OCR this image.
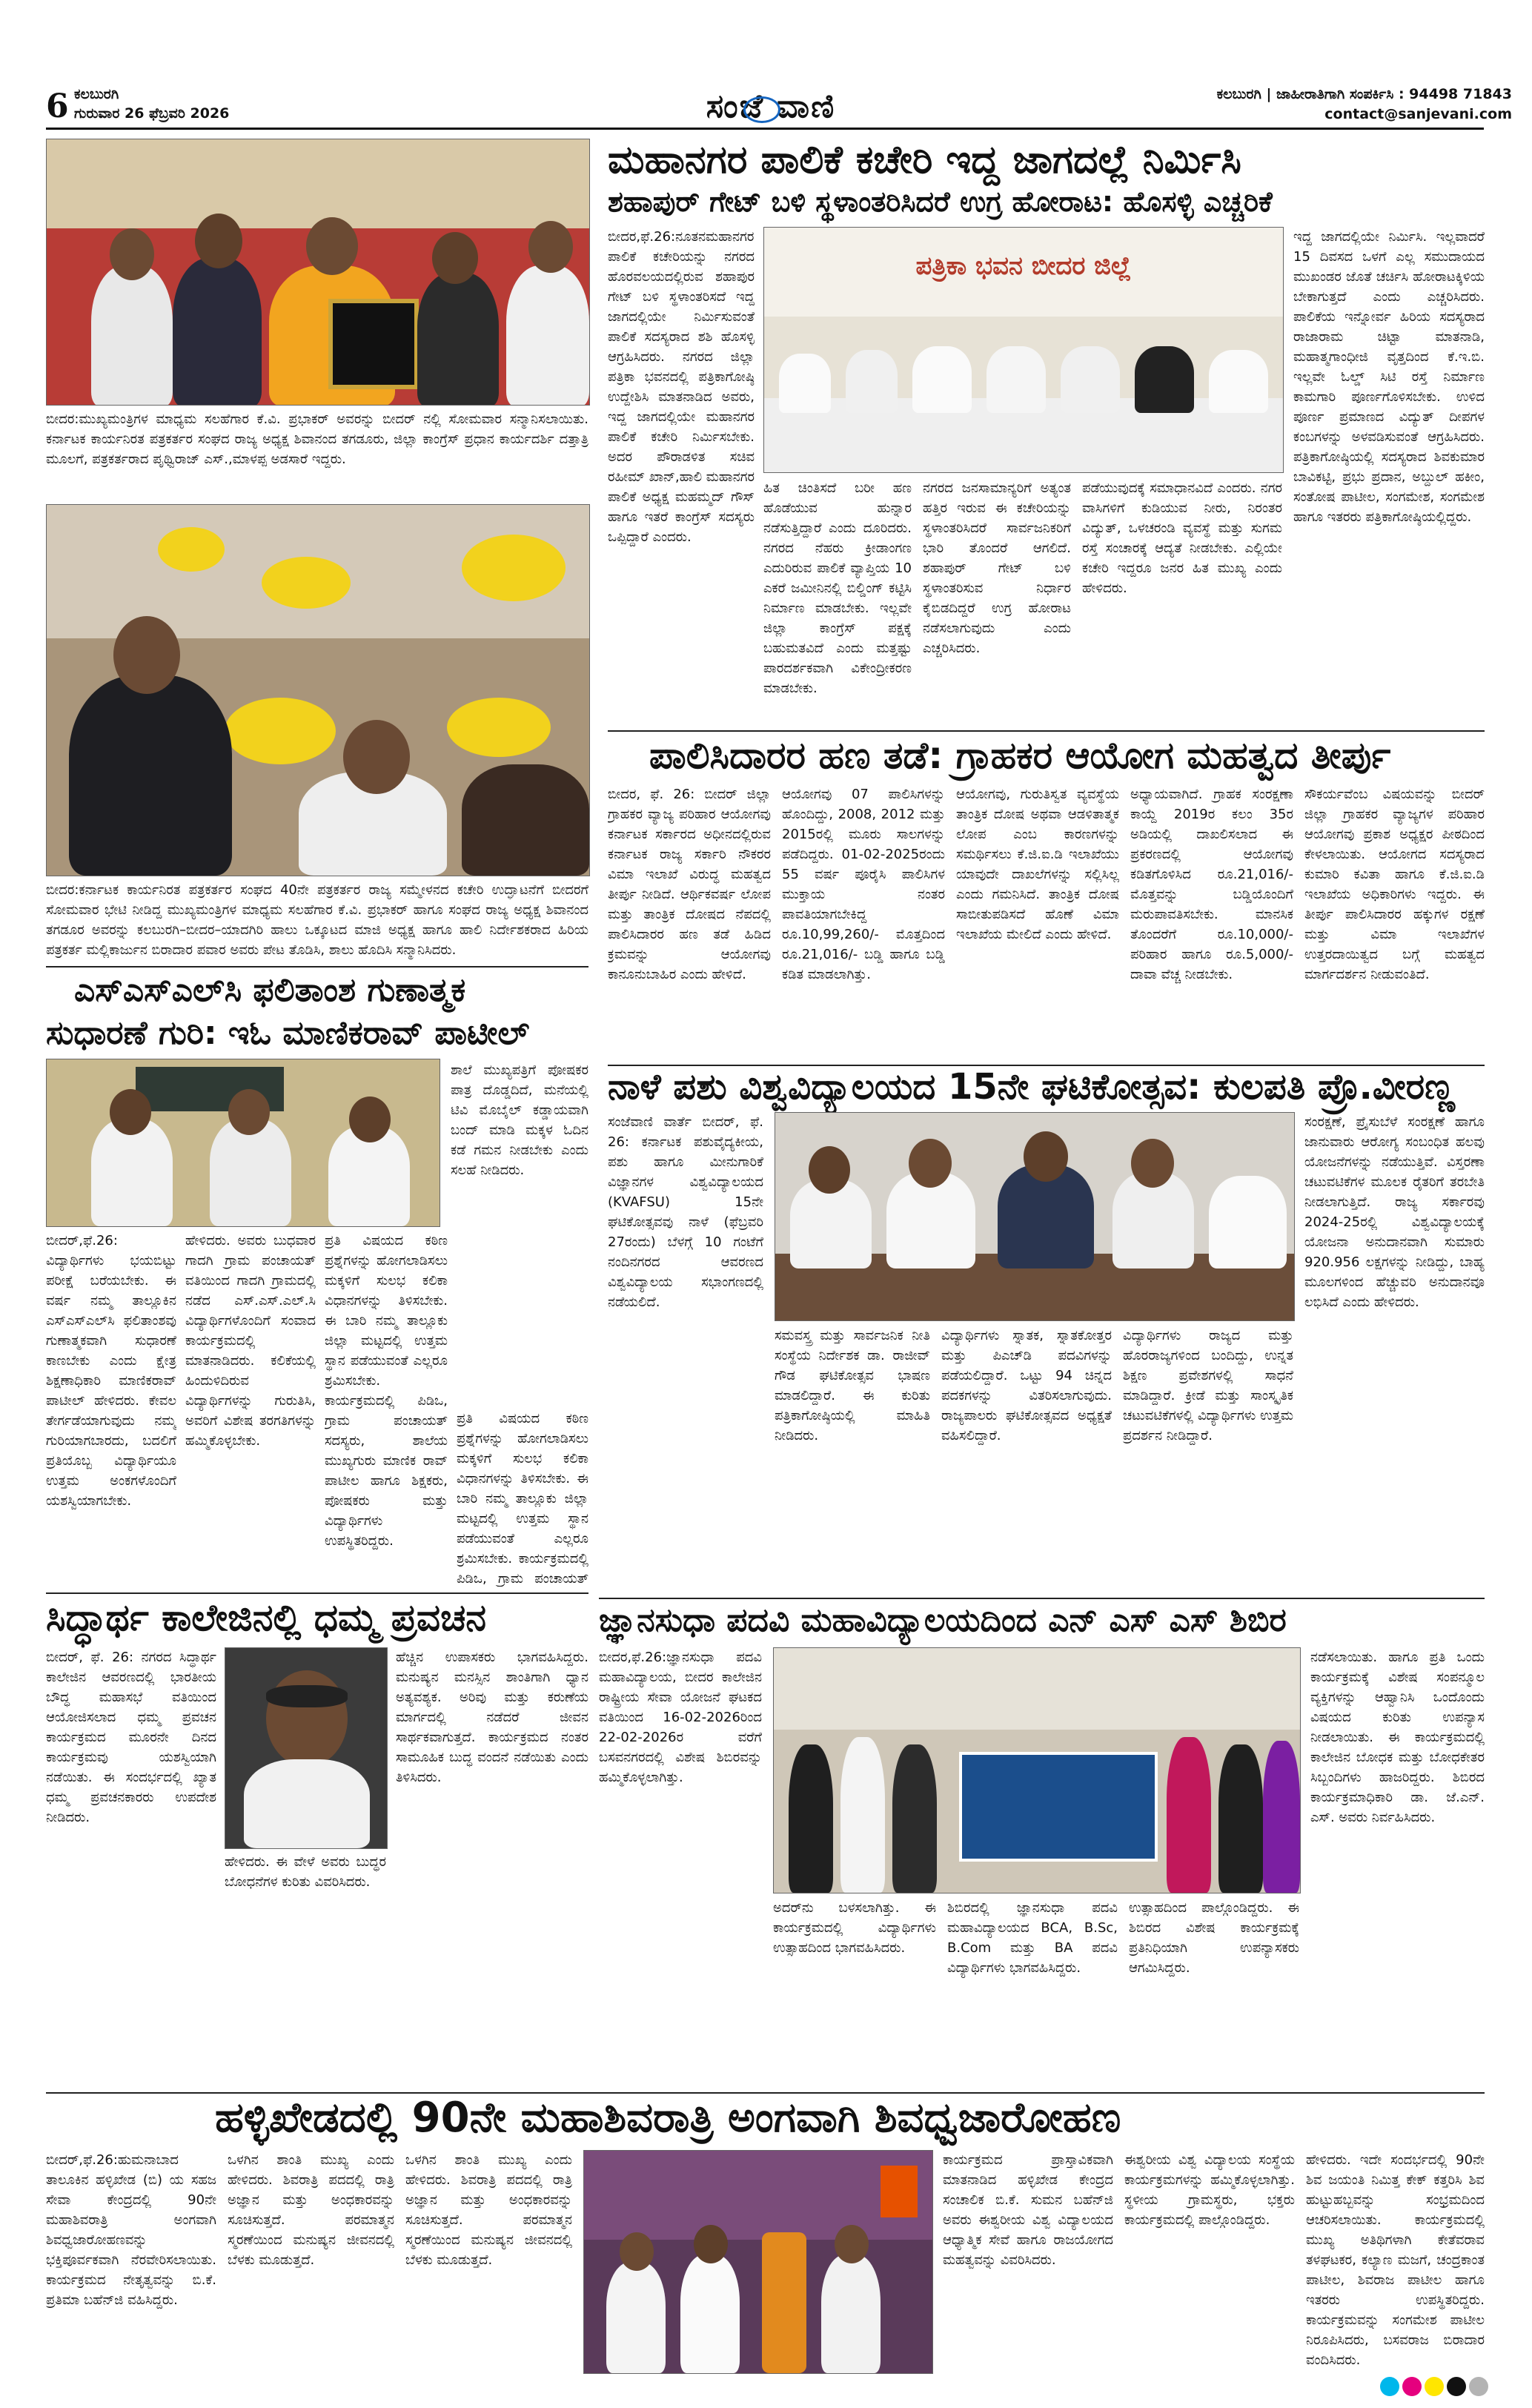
6 ಕಲಬುರಗಿ
ಗುರುವಾರ 26 ಫೆಬ್ರವರಿ 2026	ಸಂಜೆ ವಾಣಿ	ಕಲಬುರಗಿ | ಜಾಹೀರಾತಿಗಾಗಿ ಸಂಪರ್ಕಿಸಿ : 94498 71843
contact@sanjevani.com
ಬೀದರ:ಮುಖ್ಯಮಂತ್ರಿಗಳ ಮಾಧ್ಯಮ ಸಲಹೆಗಾರ ಕೆ.ವಿ. ಪ್ರಭಾಕರ್ ಅವರನ್ನು ಬೀದರ್ ನಲ್ಲಿ ಸೋಮವಾರ ಸನ್ಮಾನಿಸಲಾಯಿತು. ಕರ್ನಾಟಕ ಕಾರ್ಯನಿರತ ಪತ್ರಕರ್ತರ ಸಂಘದ ರಾಜ್ಯ ಅಧ್ಯಕ್ಷ ಶಿವಾನಂದ ತಗಡೂರು, ಜಿಲ್ಲಾ ಕಾಂಗ್ರೆಸ್ ಪ್ರಧಾನ ಕಾರ್ಯದರ್ಶಿ ದತ್ತಾತ್ರಿ ಮೂಲಗೆ, ಪತ್ರಕರ್ತರಾದ ಪೃಥ್ವಿರಾಜ್ ಎಸ್.,ಮಾಳಪ್ಪ ಅಡಸಾರೆ ಇದ್ದರು.
ಬೀದರ:ಕರ್ನಾಟಕ ಕಾರ್ಯನಿರತ ಪತ್ರಕರ್ತರ ಸಂಘದ 40ನೇ ಪತ್ರಕರ್ತರ ರಾಜ್ಯ ಸಮ್ಮೇಳನದ ಕಚೇರಿ ಉದ್ಘಾಟನೆಗೆ ಬೀದರಗೆ ಸೋಮವಾರ ಭೇಟಿ ನೀಡಿದ್ದ ಮುಖ್ಯಮಂತ್ರಿಗಳ ಮಾಧ್ಯಮ ಸಲಹೆಗಾರ ಕೆ.ವಿ. ಪ್ರಭಾಕರ್ ಹಾಗೂ ಸಂಘದ ರಾಜ್ಯ ಅಧ್ಯಕ್ಷ ಶಿವಾನಂದ ತಗಡೂರ ಅವರನ್ನು ಕಲಬುರಗಿ–ಬೀದರ–ಯಾದಗಿರಿ ಹಾಲು ಒಕ್ಕೂಟದ ಮಾಜಿ ಅಧ್ಯಕ್ಷ ಹಾಗೂ ಹಾಲಿ ನಿರ್ದೇಶಕರಾದ ಹಿರಿಯ ಪತ್ರಕರ್ತ ಮಲ್ಲಿಕಾರ್ಜುನ ಬಿರಾದಾರ ಪವಾರ ಅವರು ಪೇಟ ತೊಡಿಸಿ, ಶಾಲು ಹೊದಿಸಿ ಸನ್ಮಾನಿಸಿದರು.
ಎಸ್‌ಎಸ್‌ಎಲ್‌ಸಿ ಫಲಿತಾಂಶ ಗುಣಾತ್ಮಕ
ಸುಧಾರಣೆ ಗುರಿ: ಇಓ ಮಾಣಿಕರಾವ್ ಪಾಟೀಲ್
ಶಾಲೆ ಮುಖ್ಯಪತ್ರಿಗೆ ಪೋಷಕರ ಪಾತ್ರ ದೊಡ್ಡದಿದೆ, ಮನೆಯಲ್ಲಿ ಟಿವಿ ಮೊಬೈಲ್ ಕಡ್ಡಾಯವಾಗಿ ಬಂದ್ ಮಾಡಿ ಮಕ್ಕಳ ಓದಿನ ಕಡೆ ಗಮನ ನೀಡಬೇಕು ಎಂದು ಸಲಹೆ ನೀಡಿದರು.
ಬೀದರ್,ಫೆ.26: ವಿದ್ಯಾರ್ಥಿಗಳು ಭಯಬಿಟ್ಟು ಪರೀಕ್ಷೆ ಬರೆಯಬೇಕು. ಈ ವರ್ಷ ನಮ್ಮ ತಾಲ್ಲೂಕಿನ ಎಸ್‌ಎಸ್‌ಎಲ್‌ಸಿ ಫಲಿತಾಂಶವು ಗುಣಾತ್ಮಕವಾಗಿ ಸುಧಾರಣೆ ಕಾಣಬೇಕು ಎಂದು ಕ್ಷೇತ್ರ ಶಿಕ್ಷಣಾಧಿಕಾರಿ ಮಾಣಿಕರಾವ್ ಪಾಟೀಲ್ ಹೇಳಿದರು. ಕೇವಲ ತೇರ್ಗಡೆಯಾಗುವುದು ನಮ್ಮ ಗುರಿಯಾಗಬಾರದು, ಬದಲಿಗೆ ಪ್ರತಿಯೊಬ್ಬ ವಿದ್ಯಾರ್ಥಿಯೂ ಉತ್ತಮ ಅಂಕಗಳೊಂದಿಗೆ ಯಶಸ್ವಿಯಾಗಬೇಕು.
ಹೇಳಿದರು. ಅವರು ಬುಧವಾರ ಗಾದಗಿ ಗ್ರಾಮ ಪಂಚಾಯತ್ ವತಿಯಿಂದ ಗಾದಗಿ ಗ್ರಾಮದಲ್ಲಿ ನಡೆದ ಎಸ್.ಎಸ್.ಎಲ್.ಸಿ ವಿದ್ಯಾರ್ಥಿಗಳೊಂದಿಗೆ ಸಂವಾದ ಕಾರ್ಯಕ್ರಮದಲ್ಲಿ ಮಾತನಾಡಿದರು. ಕಲಿಕೆಯಲ್ಲಿ ಹಿಂದುಳಿದಿರುವ ವಿದ್ಯಾರ್ಥಿಗಳನ್ನು ಗುರುತಿಸಿ, ಅವರಿಗೆ ವಿಶೇಷ ತರಗತಿಗಳನ್ನು ಹಮ್ಮಿಕೊಳ್ಳಬೇಕು.
ಪ್ರತಿ ವಿಷಯದ ಕಠಿಣ ಪ್ರಶ್ನೆಗಳನ್ನು ಹೋಗಲಾಡಿಸಲು ಮಕ್ಕಳಿಗೆ ಸುಲಭ ಕಲಿಕಾ ವಿಧಾನಗಳನ್ನು ತಿಳಿಸಬೇಕು. ಈ ಬಾರಿ ನಮ್ಮ ತಾಲ್ಲೂಕು ಜಿಲ್ಲಾ ಮಟ್ಟದಲ್ಲಿ ಉತ್ತಮ ಸ್ಥಾನ ಪಡೆಯುವಂತೆ ಎಲ್ಲರೂ ಶ್ರಮಿಸಬೇಕು. ಕಾರ್ಯಕ್ರಮದಲ್ಲಿ ಪಿಡಿಒ, ಗ್ರಾಮ ಪಂಚಾಯತ್ ಸದಸ್ಯರು, ಶಾಲೆಯ ಮುಖ್ಯಗುರು ಮಾಣಿಕ ರಾವ್ ಪಾಟೀಲ ಹಾಗೂ ಶಿಕ್ಷಕರು, ಪೋಷಕರು ಮತ್ತು ವಿದ್ಯಾರ್ಥಿಗಳು ಉಪಸ್ಥಿತರಿದ್ದರು.
ಪ್ರತಿ ವಿಷಯದ ಕಠಿಣ ಪ್ರಶ್ನೆಗಳನ್ನು ಹೋಗಲಾಡಿಸಲು ಮಕ್ಕಳಿಗೆ ಸುಲಭ ಕಲಿಕಾ ವಿಧಾನಗಳನ್ನು ತಿಳಿಸಬೇಕು. ಈ ಬಾರಿ ನಮ್ಮ ತಾಲ್ಲೂಕು ಜಿಲ್ಲಾ ಮಟ್ಟದಲ್ಲಿ ಉತ್ತಮ ಸ್ಥಾನ ಪಡೆಯುವಂತೆ ಎಲ್ಲರೂ ಶ್ರಮಿಸಬೇಕು. ಕಾರ್ಯಕ್ರಮದಲ್ಲಿ ಪಿಡಿಒ, ಗ್ರಾಮ ಪಂಚಾಯತ್
ಸಿದ್ಧಾರ್ಥ ಕಾಲೇಜಿನಲ್ಲಿ ಧಮ್ಮ ಪ್ರವಚನ
ಬೀದರ್, ಫೆ. 26: ನಗರದ ಸಿದ್ಧಾರ್ಥ ಕಾಲೇಜಿನ ಆವರಣದಲ್ಲಿ ಭಾರತೀಯ ಬೌದ್ಧ ಮಹಾಸಭೆ ವತಿಯಿಂದ ಆಯೋಜಿಸಲಾದ ಧಮ್ಮ ಪ್ರವಚನ ಕಾರ್ಯಕ್ರಮದ ಮೂರನೇ ದಿನದ ಕಾರ್ಯಕ್ರಮವು ಯಶಸ್ವಿಯಾಗಿ ನಡೆಯಿತು. ಈ ಸಂದರ್ಭದಲ್ಲಿ ಖ್ಯಾತ ಧಮ್ಮ ಪ್ರವಚನಕಾರರು ಉಪದೇಶ ನೀಡಿದರು.
ಹೇಳಿದರು. ಈ ವೇಳೆ ಅವರು ಬುದ್ಧರ ಬೋಧನೆಗಳ ಕುರಿತು ವಿವರಿಸಿದರು.
ಹೆಚ್ಚಿನ ಉಪಾಸಕರು ಭಾಗವಹಿಸಿದ್ದರು. ಮನುಷ್ಯನ ಮನಸ್ಸಿನ ಶಾಂತಿಗಾಗಿ ಧ್ಯಾನ ಅತ್ಯವಶ್ಯಕ. ಅರಿವು ಮತ್ತು ಕರುಣೆಯ ಮಾರ್ಗದಲ್ಲಿ ನಡೆದರೆ ಜೀವನ ಸಾರ್ಥಕವಾಗುತ್ತದೆ. ಕಾರ್ಯಕ್ರಮದ ನಂತರ ಸಾಮೂಹಿಕ ಬುದ್ಧ ವಂದನೆ ನಡೆಯಿತು ಎಂದು ತಿಳಿಸಿದರು.
ಮಹಾನಗರ ಪಾಲಿಕೆ ಕಚೇರಿ ಇದ್ದ ಜಾಗದಲ್ಲೆ ನಿರ್ಮಿಸಿ
ಶಹಾಪುರ್ ಗೇಟ್ ಬಳಿ ಸ್ಥಳಾಂತರಿಸಿದರೆ ಉಗ್ರ ಹೋರಾಟ: ಹೊಸಳ್ಳಿ ಎಚ್ಚರಿಕೆ
ಬೀದರ,ಫೆ.26:ನೂತನಮಹಾನಗರ ಪಾಲಿಕೆ ಕಚೇರಿಯನ್ನು ನಗರದ ಹೊರವಲಯದಲ್ಲಿರುವ ಶಹಾಪುರ ಗೇಟ್ ಬಳಿ ಸ್ಥಳಾಂತರಿಸದೆ ಇದ್ದ ಜಾಗದಲ್ಲಿಯೇ ನಿರ್ಮಿಸುವಂತೆ ಪಾಲಿಕೆ ಸದಸ್ಯರಾದ ಶಶಿ ಹೊಸಳ್ಳಿ ಆಗ್ರಹಿಸಿದರು. ನಗರದ ಜಿಲ್ಲಾ ಪತ್ರಿಕಾ ಭವನದಲ್ಲಿ ಪತ್ರಿಕಾಗೋಷ್ಠಿ ಉದ್ದೇಶಿಸಿ ಮಾತನಾಡಿದ ಅವರು, ಇದ್ದ ಜಾಗದಲ್ಲಿಯೇ ಮಹಾನಗರ ಪಾಲಿಕೆ ಕಚೇರಿ ನಿರ್ಮಿಸಬೇಕು. ಅದರ ಪೌರಾಡಳಿತ ಸಚಿವ ರಹೀಮ್ ಖಾನ್,ಹಾಲಿ ಮಹಾನಗರ ಪಾಲಿಕೆ ಅಧ್ಯಕ್ಷ ಮಹಮ್ಮದ್ ಗೌಸ್ ಹಾಗೂ ಇತರೆ ಕಾಂಗ್ರೆಸ್ ಸದಸ್ಯರು ಒಪ್ಪಿದ್ದಾರೆ ಎಂದರು.
ಪತ್ರಿಕಾ ಭವನ ಬೀದರ ಜಿಲ್ಲೆ
ಹಿತ ಚಿಂತಿಸದೆ ಬರೀ ಹಣ ಹೊಡೆಯುವ ಹುನ್ನಾರ ನಡೆಸುತ್ತಿದ್ದಾರೆ ಎಂದು ದೂರಿದರು. ನಗರದ ನೆಹರು ಕ್ರೀಡಾಂಗಣ ಎದುರಿರುವ ಪಾಲಿಕೆ ವ್ಯಾಪ್ತಿಯ 10 ಎಕರೆ ಜಮೀನಿನಲ್ಲಿ ಬಿಲ್ಡಿಂಗ್ ಕಟ್ಟಿಸಿ ನಿರ್ಮಾಣ ಮಾಡಬೇಕು. ಇಲ್ಲವೇ ಜಿಲ್ಲಾ ಕಾಂಗ್ರೆಸ್ ಪಕ್ಷಕ್ಕೆ ಬಹುಮತವಿದೆ ಎಂದು ಮತ್ತಷ್ಟು ಪಾರದರ್ಶಕವಾಗಿ ವಿಕೇಂದ್ರೀಕರಣ ಮಾಡಬೇಕು.
ನಗರದ ಜನಸಾಮಾನ್ಯರಿಗೆ ಅತ್ಯಂತ ಹತ್ತಿರ ಇರುವ ಈ ಕಚೇರಿಯನ್ನು ಸ್ಥಳಾಂತರಿಸಿದರೆ ಸಾರ್ವಜನಿಕರಿಗೆ ಭಾರಿ ತೊಂದರೆ ಆಗಲಿದೆ. ಶಹಾಪುರ್ ಗೇಟ್ ಬಳಿ ಸ್ಥಳಾಂತರಿಸುವ ನಿರ್ಧಾರ ಕೈಬಿಡದಿದ್ದರೆ ಉಗ್ರ ಹೋರಾಟ ನಡೆಸಲಾಗುವುದು ಎಂದು ಎಚ್ಚರಿಸಿದರು.
ಪಡೆಯುವುದಕ್ಕೆ ಸಮಾಧಾನವಿದೆ ಎಂದರು. ನಗರ ವಾಸಿಗಳಿಗೆ ಕುಡಿಯುವ ನೀರು, ನಿರಂತರ ವಿದ್ಯುತ್, ಒಳಚರಂಡಿ ವ್ಯವಸ್ಥೆ ಮತ್ತು ಸುಗಮ ರಸ್ತೆ ಸಂಚಾರಕ್ಕೆ ಆದ್ಯತೆ ನೀಡಬೇಕು. ಎಲ್ಲಿಯೇ ಕಚೇರಿ ಇದ್ದರೂ ಜನರ ಹಿತ ಮುಖ್ಯ ಎಂದು ಹೇಳಿದರು.
ಇದ್ದ ಜಾಗದಲ್ಲಿಯೇ ನಿರ್ಮಿಸಿ. ಇಲ್ಲವಾದರೆ 15 ದಿವಸದ ಒಳಗೆ ಎಲ್ಲ ಸಮುದಾಯದ ಮುಖಂಡರ ಜೊತೆ ಚರ್ಚಿಸಿ ಹೋರಾಟಕ್ಕಿಳಿಯ ಬೇಕಾಗುತ್ತದೆ ಎಂದು ಎಚ್ಚರಿಸಿದರು. ಪಾಲಿಕೆಯ ಇನ್ನೋರ್ವ ಹಿರಿಯ ಸದಸ್ಯರಾದ ರಾಜಾರಾಮ ಚಿಟ್ಟಾ ಮಾತನಾಡಿ, ಮಹಾತ್ಮಗಾಂಧೀಜಿ ವೃತ್ತದಿಂದ ಕೆ.ಇ.ಬಿ. ಇಲ್ಲವೇ ಓಲ್ಡ್ ಸಿಟಿ ರಸ್ತೆ ನಿರ್ಮಾಣ ಕಾಮಗಾರಿ ಪೂರ್ಣಗೊಳಿಸಬೇಕು. ಉಳಿದ ಪೂರ್ಣ ಪ್ರಮಾಣದ ವಿದ್ಯುತ್ ದೀಪಗಳ ಕಂಬಗಳನ್ನು ಅಳವಡಿಸುವಂತೆ ಆಗ್ರಹಿಸಿದರು. ಪತ್ರಿಕಾಗೋಷ್ಠಿಯಲ್ಲಿ ಸದಸ್ಯರಾದ ಶಿವಕುಮಾರ ಬಾವಿಕಟ್ಟಿ, ಪ್ರಭು ಪ್ರದಾನ, ಅಬ್ದುಲ್ ಹಕೀಂ, ಸಂತೋಷ ಪಾಟೀಲ, ಸಂಗಮೇಶ, ಸಂಗಮೇಶ ಹಾಗೂ ಇತರರು ಪತ್ರಿಕಾಗೋಷ್ಠಿಯಲ್ಲಿದ್ದರು.
ಪಾಲಿಸಿದಾರರ ಹಣ ತಡೆ: ಗ್ರಾಹಕರ ಆಯೋಗ ಮಹತ್ವದ ತೀರ್ಪು
ಬೀದರ, ಫೆ. 26: ಬೀದರ್ ಜಿಲ್ಲಾ ಗ್ರಾಹಕರ ವ್ಯಾಜ್ಯ ಪರಿಹಾರ ಆಯೋಗವು ಕರ್ನಾಟಕ ಸರ್ಕಾರದ ಅಧೀನದಲ್ಲಿರುವ ಕರ್ನಾಟಕ ರಾಜ್ಯ ಸರ್ಕಾರಿ ನೌಕರರ ವಿಮಾ ಇಲಾಖೆ ವಿರುದ್ಧ ಮಹತ್ವದ ತೀರ್ಪು ನೀಡಿದೆ. ಆರ್ಥಿಕವರ್ಷ ಲೋಪ ಮತ್ತು ತಾಂತ್ರಿಕ ದೋಷದ ನೆಪದಲ್ಲಿ ಪಾಲಿಸಿದಾರರ ಹಣ ತಡೆ ಹಿಡಿದ ಕ್ರಮವನ್ನು ಆಯೋಗವು ಕಾನೂನುಬಾಹಿರ ಎಂದು ಹೇಳಿದೆ.
ಆಯೋಗವು 07 ಪಾಲಿಸಿಗಳನ್ನು ಹೊಂದಿದ್ದು, 2008, 2012 ಮತ್ತು 2015ರಲ್ಲಿ ಮೂರು ಸಾಲಗಳನ್ನು ಪಡೆದಿದ್ದರು. 01-02-2025ರಂದು 55 ವರ್ಷ ಪೂರೈಸಿ ಪಾಲಿಸಿಗಳ ಮುಕ್ತಾಯ ನಂತರ ಪಾವತಿಯಾಗಬೇಕಿದ್ದ ರೂ.10,99,260/- ಮೊತ್ತದಿಂದ ರೂ.21,016/- ಬಡ್ಡಿ ಹಾಗೂ ಬಡ್ಡಿ ಕಡಿತ ಮಾಡಲಾಗಿತ್ತು.
ಆಯೋಗವು, ಗುರುತಿಸ್ವತ ವ್ಯವಸ್ಥೆಯ ತಾಂತ್ರಿಕ ದೋಷ ಅಥವಾ ಆಡಳಿತಾತ್ಮಕ ಲೋಪ ಎಂಬ ಕಾರಣಗಳನ್ನು ಸಮರ್ಥಿಸಲು ಕೆ.ಜಿ.ಐ.ಡಿ ಇಲಾಖೆಯು ಯಾವುದೇ ದಾಖಲೆಗಳನ್ನು ಸಲ್ಲಿಸಿಲ್ಲ ಎಂದು ಗಮನಿಸಿದೆ. ತಾಂತ್ರಿಕ ದೋಷ ಸಾಬೀತುಪಡಿಸದೆ ಹೊಣೆ ವಿಮಾ ಇಲಾಖೆಯ ಮೇಲಿದೆ ಎಂದು ಹೇಳಿದೆ.
ಅಧ್ಯಾಯವಾಗಿದೆ. ಗ್ರಾಹಕ ಸಂರಕ್ಷಣಾ ಕಾಯ್ದೆ 2019ರ ಕಲಂ 35ರ ಅಡಿಯಲ್ಲಿ ದಾಖಲಿಸಲಾದ ಈ ಪ್ರಕರಣದಲ್ಲಿ ಆಯೋಗವು ಕಡಿತಗೊಳಿಸಿದ ರೂ.21,016/- ಮೊತ್ತವನ್ನು ಬಡ್ಡಿಯೊಂದಿಗೆ ಮರುಪಾವತಿಸಬೇಕು. ಮಾನಸಿಕ ತೊಂದರೆಗೆ ರೂ.10,000/- ಪರಿಹಾರ ಹಾಗೂ ರೂ.5,000/- ದಾವಾ ವೆಚ್ಚ ನೀಡಬೇಕು.
ಸೌಕರ್ಯವೆಂಬ ವಿಷಯವನ್ನು ಬೀದರ್ ಜಿಲ್ಲಾ ಗ್ರಾಹಕರ ವ್ಯಾಜ್ಯಗಳ ಪರಿಹಾರ ಆಯೋಗವು ಪ್ರಕಾಶ ಅಧ್ಯಕ್ಷರ ಪೀಠದಿಂದ ಕೇಳಲಾಯಿತು. ಆಯೋಗದ ಸದಸ್ಯರಾದ ಕುಮಾರಿ ಕವಿತಾ ಹಾಗೂ ಕೆ.ಜಿ.ಐ.ಡಿ ಇಲಾಖೆಯ ಅಧಿಕಾರಿಗಳು ಇದ್ದರು. ಈ ತೀರ್ಪು ಪಾಲಿಸಿದಾರರ ಹಕ್ಕುಗಳ ರಕ್ಷಣೆ ಮತ್ತು ವಿಮಾ ಇಲಾಖೆಗಳ ಉತ್ತರದಾಯಿತ್ವದ ಬಗ್ಗೆ ಮಹತ್ವದ ಮಾರ್ಗದರ್ಶನ ನೀಡುವಂತಿದೆ.
ನಾಳೆ ಪಶು ವಿಶ್ವವಿದ್ಯಾಲಯದ 15ನೇ ಘಟಿಕೋತ್ಸವ: ಕುಲಪತಿ ಪ್ರೊ.ವೀರಣ್ಣ
ಸಂಜೆವಾಣಿ ವಾರ್ತೆ ಬೀದರ್, ಫೆ. 26: ಕರ್ನಾಟಕ ಪಶುವೈದ್ಯಕೀಯ, ಪಶು ಹಾಗೂ ಮೀನುಗಾರಿಕೆ ವಿಜ್ಞಾನಗಳ ವಿಶ್ವವಿದ್ಯಾಲಯದ (KVAFSU) 15ನೇ ಘಟಿಕೋತ್ಸವವು ನಾಳೆ (ಫೆಬ್ರವರಿ 27ರಂದು) ಬೆಳಗ್ಗೆ 10 ಗಂಟೆಗೆ ನಂದಿನಗರದ ಆವರಣದ ವಿಶ್ವವಿದ್ಯಾಲಯ ಸಭಾಂಗಣದಲ್ಲಿ ನಡೆಯಲಿದೆ.
ಸಮವಸ್ತ್ರ ಮತ್ತು ಸಾರ್ವಜನಿಕ ನೀತಿ ಸಂಸ್ಥೆಯ ನಿರ್ದೇಶಕ ಡಾ. ರಾಜೀವ್ ಗೌಡ ಘಟಿಕೋತ್ಸವ ಭಾಷಣ ಮಾಡಲಿದ್ದಾರೆ. ಈ ಕುರಿತು ಪತ್ರಿಕಾಗೋಷ್ಠಿಯಲ್ಲಿ ಮಾಹಿತಿ ನೀಡಿದರು.
ವಿದ್ಯಾರ್ಥಿಗಳು ಸ್ನಾತಕ, ಸ್ನಾತಕೋತ್ತರ ಮತ್ತು ಪಿಎಚ್‌ಡಿ ಪದವಿಗಳನ್ನು ಪಡೆಯಲಿದ್ದಾರೆ. ಒಟ್ಟು 94 ಚಿನ್ನದ ಪದಕಗಳನ್ನು ವಿತರಿಸಲಾಗುವುದು. ರಾಜ್ಯಪಾಲರು ಘಟಿಕೋತ್ಸವದ ಅಧ್ಯಕ್ಷತೆ ವಹಿಸಲಿದ್ದಾರೆ.
ವಿದ್ಯಾರ್ಥಿಗಳು ರಾಜ್ಯದ ಮತ್ತು ಹೊರರಾಜ್ಯಗಳಿಂದ ಬಂದಿದ್ದು, ಉನ್ನತ ಶಿಕ್ಷಣ ಪ್ರವೇಶಗಳಲ್ಲಿ ಸಾಧನೆ ಮಾಡಿದ್ದಾರೆ. ಕ್ರೀಡೆ ಮತ್ತು ಸಾಂಸ್ಕೃತಿಕ ಚಟುವಟಿಕೆಗಳಲ್ಲಿ ವಿದ್ಯಾರ್ಥಿಗಳು ಉತ್ತಮ ಪ್ರದರ್ಶನ ನೀಡಿದ್ದಾರೆ.
ಸಂರಕ್ಷಣೆ, ಪ್ರೈಸುಬೆಳೆ ಸಂರಕ್ಷಣೆ ಹಾಗೂ ಜಾನುವಾರು ಆರೋಗ್ಯ ಸಂಬಂಧಿತ ಹಲವು ಯೋಜನೆಗಳನ್ನು ನಡೆಯುತ್ತಿವೆ. ವಿಸ್ತರಣಾ ಚಟುವಟಿಕೆಗಳ ಮೂಲಕ ರೈತರಿಗೆ ತರಬೇತಿ ನೀಡಲಾಗುತ್ತಿದೆ. ರಾಜ್ಯ ಸರ್ಕಾರವು 2024-25ರಲ್ಲಿ ವಿಶ್ವವಿದ್ಯಾಲಯಕ್ಕೆ ಯೋಜನಾ ಅನುದಾನವಾಗಿ ಸುಮಾರು 920.956 ಲಕ್ಷಗಳನ್ನು ನೀಡಿದ್ದು, ಬಾಹ್ಯ ಮೂಲಗಳಿಂದ ಹೆಚ್ಚುವರಿ ಅನುದಾನವೂ ಲಭಿಸಿದೆ ಎಂದು ಹೇಳಿದರು.
ಜ್ಞಾನಸುಧಾ ಪದವಿ ಮಹಾವಿದ್ಯಾಲಯದಿಂದ ಎನ್ ಎಸ್ ಎಸ್ ಶಿಬಿರ
ಬೀದರ,ಫೆ.26:ಜ್ಞಾನಸುಧಾ ಪದವಿ ಮಹಾವಿದ್ಯಾಲಯ, ಬೀದರ ಕಾಲೇಜಿನ ರಾಷ್ಟ್ರೀಯ ಸೇವಾ ಯೋಜನೆ ಘಟಕದ ವತಿಯಿಂದ 16-02-2026ರಿಂದ 22-02-2026ರ ವರೆಗೆ ಬಸವನಗರದಲ್ಲಿ ವಿಶೇಷ ಶಿಬಿರವನ್ನು ಹಮ್ಮಿಕೊಳ್ಳಲಾಗಿತ್ತು.
ಅದರ್‌ನು ಬಳಸಲಾಗಿತ್ತು. ಈ ಕಾರ್ಯಕ್ರಮದಲ್ಲಿ ವಿದ್ಯಾರ್ಥಿಗಳು ಉತ್ಸಾಹದಿಂದ ಭಾಗವಹಿಸಿದರು.
ಶಿಬಿರದಲ್ಲಿ ಜ್ಞಾನಸುಧಾ ಪದವಿ ಮಹಾವಿದ್ಯಾಲಯದ BCA, B.Sc, B.Com ಮತ್ತು BA ಪದವಿ ವಿದ್ಯಾರ್ಥಿಗಳು ಭಾಗವಹಿಸಿದ್ದರು.
ಉತ್ಸಾಹದಿಂದ ಪಾಲ್ಗೊಂಡಿದ್ದರು. ಈ ಶಿಬಿರದ ವಿಶೇಷ ಕಾರ್ಯಕ್ರಮಕ್ಕೆ ಪ್ರತಿನಿಧಿಯಾಗಿ ಉಪನ್ಯಾಸಕರು ಆಗಮಿಸಿದ್ದರು.
ನಡೆಸಲಾಯಿತು. ಹಾಗೂ ಪ್ರತಿ ಒಂದು ಕಾರ್ಯಕ್ರಮಕ್ಕೆ ವಿಶೇಷ ಸಂಪನ್ಮೂಲ ವ್ಯಕ್ತಿಗಳನ್ನು ಆಹ್ವಾನಿಸಿ ಒಂದೊಂದು ವಿಷಯದ ಕುರಿತು ಉಪನ್ಯಾಸ ನೀಡಲಾಯಿತು. ಈ ಕಾರ್ಯಕ್ರಮದಲ್ಲಿ ಕಾಲೇಜಿನ ಬೋಧಕ ಮತ್ತು ಬೋಧಕೇತರ ಸಿಬ್ಬಂದಿಗಳು ಹಾಜರಿದ್ದರು. ಶಿಬಿರದ ಕಾರ್ಯಕ್ರಮಾಧಿಕಾರಿ ಡಾ. ಜೆ.ಎನ್. ಎಸ್. ಅವರು ನಿರ್ವಹಿಸಿದರು.
ಹಳ್ಳಿಖೇಡದಲ್ಲಿ 90ನೇ ಮಹಾಶಿವರಾತ್ರಿ ಅಂಗವಾಗಿ ಶಿವಧ್ವಜಾರೋಹಣ
ಬೀದರ್,ಫೆ.26:ಹುಮನಾಬಾದ ತಾಲೂಕಿನ ಹಳ್ಳಿಖೇಡ (ಬಿ) ಯ ಸಹಜ ಸೇವಾ ಕೇಂದ್ರದಲ್ಲಿ 90ನೇ ಮಹಾಶಿವರಾತ್ರಿ ಅಂಗವಾಗಿ ಶಿವಧ್ವಜಾರೋಹಣವನ್ನು ಭಕ್ತಿಪೂರ್ವಕವಾಗಿ ನೆರವೇರಿಸಲಾಯಿತು. ಕಾರ್ಯಕ್ರಮದ ನೇತೃತ್ವವನ್ನು ಬಿ.ಕೆ. ಪ್ರತಿಮಾ ಬಹೆನ್‌ಜಿ ವಹಿಸಿದ್ದರು.
ಒಳಗಿನ ಶಾಂತಿ ಮುಖ್ಯ ಎಂದು ಹೇಳಿದರು. ಶಿವರಾತ್ರಿ ಪದದಲ್ಲಿ ರಾತ್ರಿ ಅಜ್ಞಾನ ಮತ್ತು ಅಂಧಕಾರವನ್ನು ಸೂಚಿಸುತ್ತದೆ. ಪರಮಾತ್ಮನ ಸ್ಮರಣೆಯಿಂದ ಮನುಷ್ಯನ ಜೀವನದಲ್ಲಿ ಬೆಳಕು ಮೂಡುತ್ತದೆ.
ಒಳಗಿನ ಶಾಂತಿ ಮುಖ್ಯ ಎಂದು ಹೇಳಿದರು. ಶಿವರಾತ್ರಿ ಪದದಲ್ಲಿ ರಾತ್ರಿ ಅಜ್ಞಾನ ಮತ್ತು ಅಂಧಕಾರವನ್ನು ಸೂಚಿಸುತ್ತದೆ. ಪರಮಾತ್ಮನ ಸ್ಮರಣೆಯಿಂದ ಮನುಷ್ಯನ ಜೀವನದಲ್ಲಿ ಬೆಳಕು ಮೂಡುತ್ತದೆ.
ಕಾರ್ಯಕ್ರಮದ ಪ್ರಾಸ್ತಾವಿಕವಾಗಿ ಮಾತನಾಡಿದ ಹಳ್ಳಿಖೇಡ ಕೇಂದ್ರದ ಸಂಚಾಲಿಕ ಬಿ.ಕೆ. ಸುಮನ ಬಹೆನ್‌ಜಿ ಅವರು ಈಶ್ವರೀಯ ವಿಶ್ವ ವಿದ್ಯಾಲಯದ ಆಧ್ಯಾತ್ಮಿಕ ಸೇವೆ ಹಾಗೂ ರಾಜಯೋಗದ ಮಹತ್ವವನ್ನು ವಿವರಿಸಿದರು.
ಈಶ್ವರೀಯ ವಿಶ್ವ ವಿದ್ಯಾಲಯ ಸಂಸ್ಥೆಯ ಕಾರ್ಯಕ್ರಮಗಳನ್ನು ಹಮ್ಮಿಕೊಳ್ಳಲಾಗಿತ್ತು. ಸ್ಥಳೀಯ ಗ್ರಾಮಸ್ಥರು, ಭಕ್ತರು ಕಾರ್ಯಕ್ರಮದಲ್ಲಿ ಪಾಲ್ಗೊಂಡಿದ್ದರು.
ಹೇಳಿದರು. ಇದೇ ಸಂದರ್ಭದಲ್ಲಿ 90ನೇ ಶಿವ ಜಯಂತಿ ನಿಮಿತ್ತ ಕೇಕ್ ಕತ್ತರಿಸಿ ಶಿವ ಹುಟ್ಟುಹಬ್ಬವನ್ನು ಸಂಭ್ರಮದಿಂದ ಆಚರಿಸಲಾಯಿತು. ಕಾರ್ಯಕ್ರಮದಲ್ಲಿ ಮುಖ್ಯ ಅತಿಥಿಗಳಾಗಿ ಕೇತೆವರಾವ ತಳಘಟಕರ, ಕಲ್ಯಾಣ ಮಜಗೆ, ಚಂದ್ರಕಾಂತ ಪಾಟೀಲ, ಶಿವರಾಜ ಪಾಟೀಲ ಹಾಗೂ ಇತರರು ಉಪಸ್ಥಿತರಿದ್ದರು. ಕಾರ್ಯಕ್ರಮವನ್ನು ಸಂಗಮೇಶ ಪಾಟೀಲ ನಿರೂಪಿಸಿದರು, ಬಸವರಾಜ ಬಿರಾದಾರ ವಂದಿಸಿದರು.
